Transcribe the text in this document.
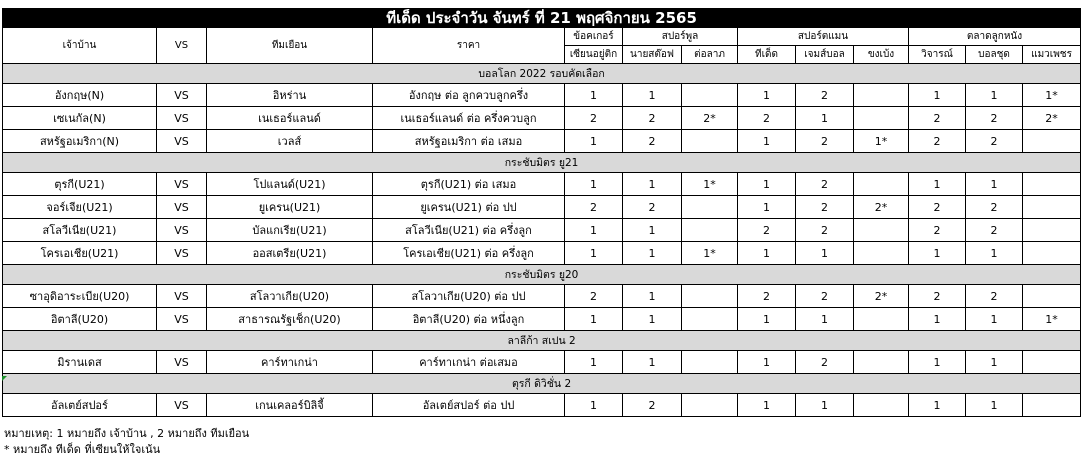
ทีเด็ด ประจำวัน จันทร์ ที่ 21 พฤศจิกายน 2565												
เจ้าบ้าน	VS	ทีมเยือน	ราคา	ข้อคเกอร์	สปอร์พูล		สปอร์ตแมน			ตลาดลูกหนัง		
				เซียนอยู่ติก	นายสต๊อฟ	ต่อลาภ	ทีเด็ด	เจมส์บอล	ขงเบ้ง	วิจารณ์	บอลชุด	แมวเพชร
บอลโลก 2022 รอบคัดเลือก												
อังกฤษ(N)	VS	อิหร่าน	อังกฤษ ต่อ ลูกควบลูกครึ่ง	1	1		1	2		1	1	1*
เซเนกัล(N)	VS	เนเธอร์แลนด์	เนเธอร์แลนด์ ต่อ ครึ่งควบลูก	2	2	2*	2	1		2	2	2*
สหรัฐอเมริกา(N)	VS	เวลส์	สหรัฐอเมริกา ต่อ เสมอ	1	2		1	2	1*	2	2	
กระชับมิตร ยู21												
ตุรกี(U21)	VS	โปแลนด์(U21)	ตุรกี(U21) ต่อ เสมอ	1	1	1*	1	2		1	1	
จอร์เจีย(U21)	VS	ยูเครน(U21)	ยูเครน(U21) ต่อ ปป	2	2		1	2	2*	2	2	
สโลวีเนีย(U21)	VS	บัลแกเรีย(U21)	สโลวีเนีย(U21) ต่อ ครึ่งลูก	1	1		2	2		2	2	
โครเอเชีย(U21)	VS	ออสเตรีย(U21)	โครเอเชีย(U21) ต่อ ครึ่งลูก	1	1	1*	1	1		1	1	
กระชับมิตร ยู20												
ซาอุดิอาระเบีย(U20)	VS	สโลวาเกีย(U20)	สโลวาเกีย(U20) ต่อ ปป	2	1		2	2	2*	2	2	
อิตาลี(U20)	VS	สาธารณรัฐเช็ก(U20)	อิตาลี(U20) ต่อ หนึ่งลูก	1	1		1	1		1	1	1*
ลาลีก้า สเปน 2												
มิรานเดส	VS	คาร์ทาเกน่า	คาร์ทาเกน่า ต่อเสมอ	1	1		1	2		1	1	
ตุรกี ดิวิชั่น 2												
อัลเตย์สปอร์	VS	เกนเคลอร์บิลิจี้	อัลเตย์สปอร์ ต่อ ปป	1	2		1	1		1	1	
หมายเหตุ: 1 หมายถึง เจ้าบ้าน , 2 หมายถึง ทีมเยือน
* หมายถึง ทีเด็ด ที่เซียนให้ใจเน้น
